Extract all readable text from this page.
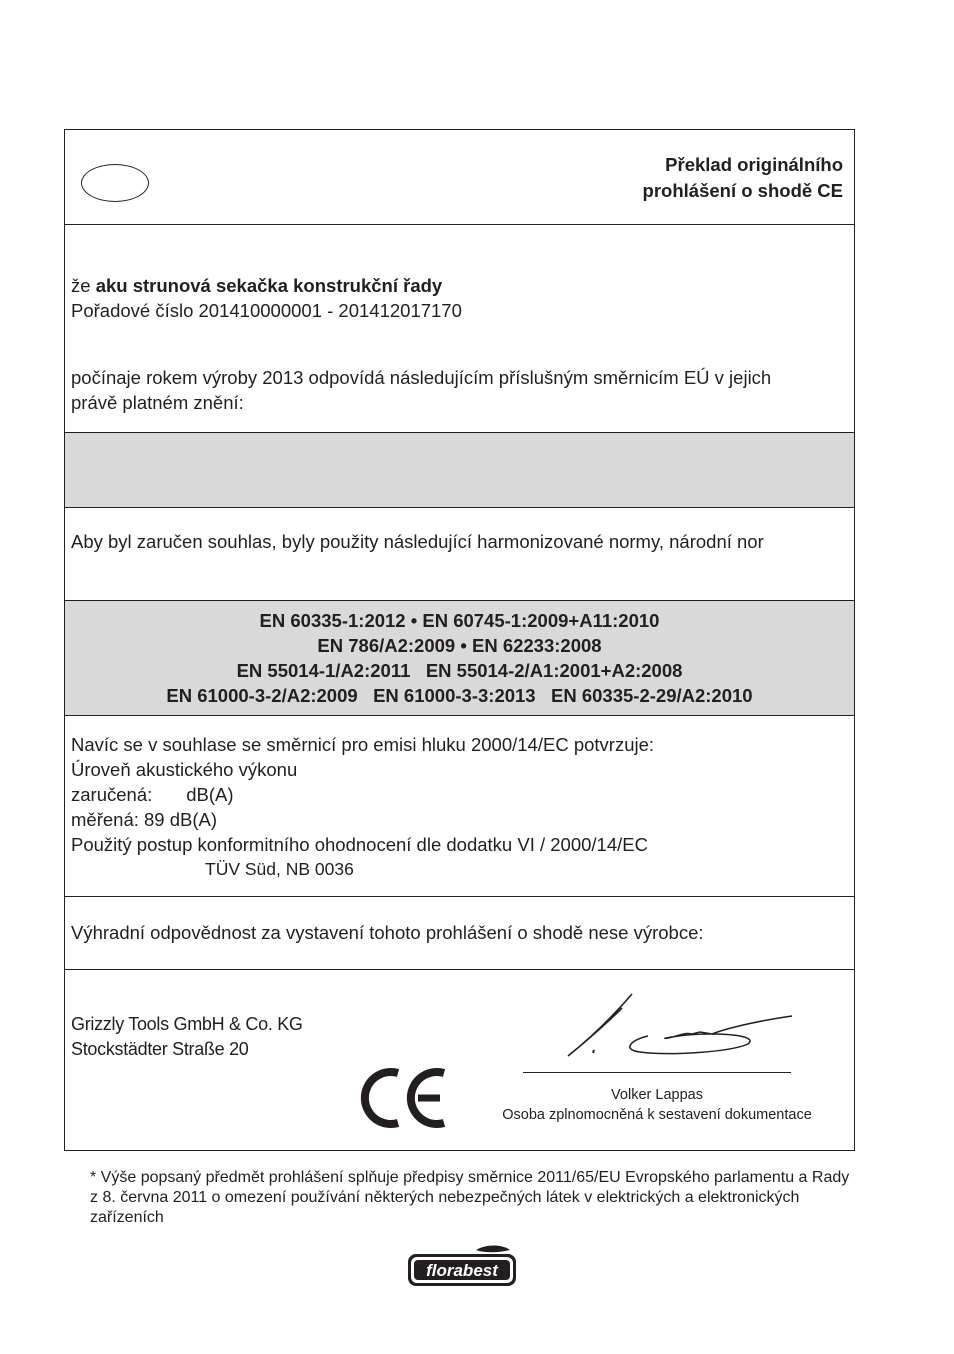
Překlad originálního
prohlášení o shodě CE
že aku strunová sekačka konstrukční řady
Pořadové číslo 201410000001 - 201412017170
počínaje rokem výroby 2013 odpovídá následujícím příslušným směrnicím EÚ v jejich
právě platném znění:
Aby byl zaručen souhlas, byly použity následující harmonizované normy, národní nor
EN 60335-1:2012 • EN 60745-1:2009+A11:2010
EN 786/A2:2009 • EN 62233:2008
EN 55014-1/A2:2011   EN 55014-2/A1:2001+A2:2008
EN 61000-3-2/A2:2009   EN 61000-3-3:2013   EN 60335-2-29/A2:2010
Navíc se v souhlase se směrnicí pro emisi hluku 2000/14/EC potvrzuje:
Úroveň akustického výkonu
zaručená: dB(A)
měřená: 89 dB(A)
Použitý postup konformitního ohodnocení dle dodatku VI / 2000/14/EC
TÜV Süd, NB 0036
Výhradní odpovědnost za vystavení tohoto prohlášení o shodě nese výrobce:
Grizzly Tools GmbH & Co. KG
Stockstädter Straße 20
Volker Lappas
Osoba zplnomocněná k sestavení dokumentace
* Výše popsaný předmět prohlášení splňuje předpisy směrnice 2011/65/EU Evropského parlamentu a Rady z 8. června 2011 o omezení používání některých nebezpečných látek v elektrických a elektronických zařízeních
florabest
